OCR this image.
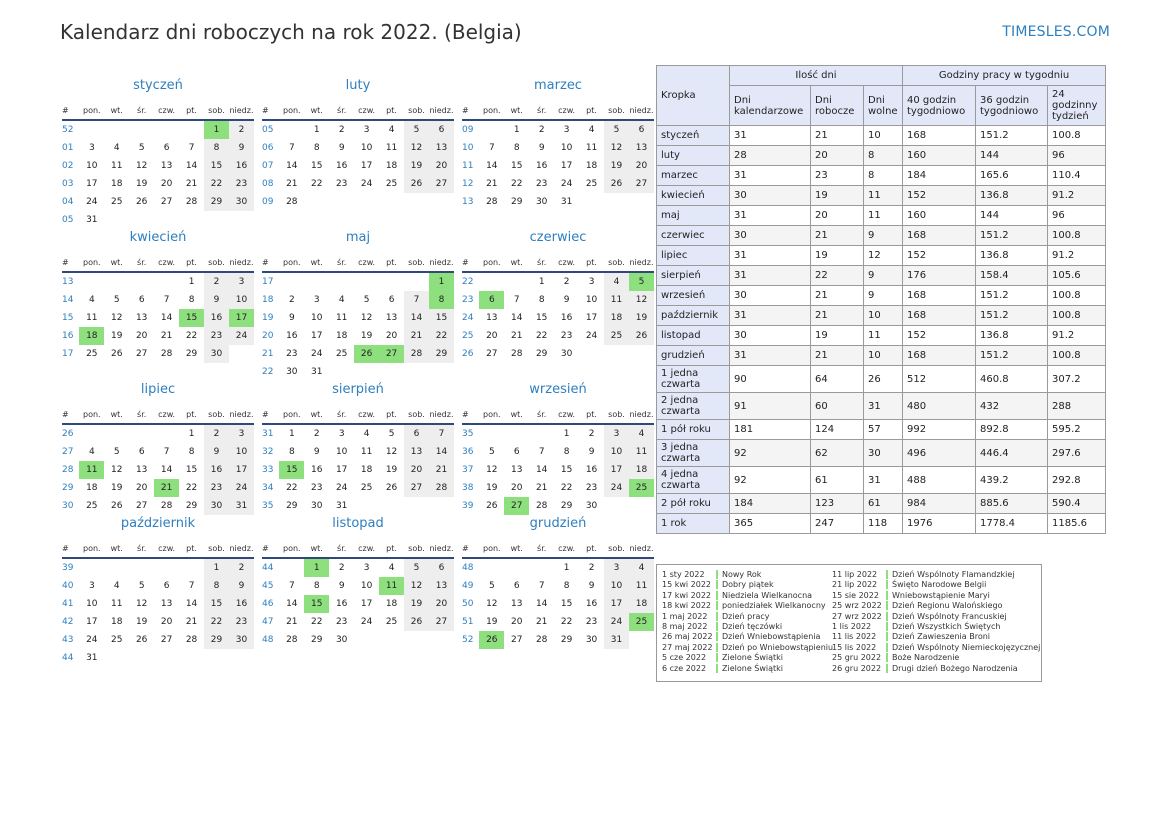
Kalendarz dni roboczych na rok 2022. (Belgia)	TIMESLES.COM
styczeń
#	pon.	wt.	śr.	czw.	pt.	sob.	niedz.
52						1	2
01	3	4	5	6	7	8	9
02	10	11	12	13	14	15	16
03	17	18	19	20	21	22	23
04	24	25	26	27	28	29	30
05	31						
luty
#	pon.	wt.	śr.	czw.	pt.	sob.	niedz.
05		1	2	3	4	5	6
06	7	8	9	10	11	12	13
07	14	15	16	17	18	19	20
08	21	22	23	24	25	26	27
09	28						
marzec
#	pon.	wt.	śr.	czw.	pt.	sob.	niedz.
09		1	2	3	4	5	6
10	7	8	9	10	11	12	13
11	14	15	16	17	18	19	20
12	21	22	23	24	25	26	27
13	28	29	30	31			
kwiecień
#	pon.	wt.	śr.	czw.	pt.	sob.	niedz.
13					1	2	3
14	4	5	6	7	8	9	10
15	11	12	13	14	15	16	17
16	18	19	20	21	22	23	24
17	25	26	27	28	29	30	
maj
#	pon.	wt.	śr.	czw.	pt.	sob.	niedz.
17							1
18	2	3	4	5	6	7	8
19	9	10	11	12	13	14	15
20	16	17	18	19	20	21	22
21	23	24	25	26	27	28	29
22	30	31					
czerwiec
#	pon.	wt.	śr.	czw.	pt.	sob.	niedz.
22			1	2	3	4	5
23	6	7	8	9	10	11	12
24	13	14	15	16	17	18	19
25	20	21	22	23	24	25	26
26	27	28	29	30			
lipiec
#	pon.	wt.	śr.	czw.	pt.	sob.	niedz.
26					1	2	3
27	4	5	6	7	8	9	10
28	11	12	13	14	15	16	17
29	18	19	20	21	22	23	24
30	25	26	27	28	29	30	31
sierpień
#	pon.	wt.	śr.	czw.	pt.	sob.	niedz.
31	1	2	3	4	5	6	7
32	8	9	10	11	12	13	14
33	15	16	17	18	19	20	21
34	22	23	24	25	26	27	28
35	29	30	31				
wrzesień
#	pon.	wt.	śr.	czw.	pt.	sob.	niedz.
35				1	2	3	4
36	5	6	7	8	9	10	11
37	12	13	14	15	16	17	18
38	19	20	21	22	23	24	25
39	26	27	28	29	30		
październik
#	pon.	wt.	śr.	czw.	pt.	sob.	niedz.
39						1	2
40	3	4	5	6	7	8	9
41	10	11	12	13	14	15	16
42	17	18	19	20	21	22	23
43	24	25	26	27	28	29	30
44	31						
listopad
#	pon.	wt.	śr.	czw.	pt.	sob.	niedz.
44		1	2	3	4	5	6
45	7	8	9	10	11	12	13
46	14	15	16	17	18	19	20
47	21	22	23	24	25	26	27
48	28	29	30				
grudzień
#	pon.	wt.	śr.	czw.	pt.	sob.	niedz.
48				1	2	3	4
49	5	6	7	8	9	10	11
50	12	13	14	15	16	17	18
51	19	20	21	22	23	24	25
52	26	27	28	29	30	31	
Kropka	Ilość dni			Godziny pracy w tygodniu		
	Dni kalendarzowe	Dni robocze	Dni wolne	40 godzin tygodniowo	36 godzin tygodniowo	24 godzinny tydzień
styczeń	31	21	10	168	151.2	100.8
luty	28	20	8	160	144	96
marzec	31	23	8	184	165.6	110.4
kwiecień	30	19	11	152	136.8	91.2
maj	31	20	11	160	144	96
czerwiec	30	21	9	168	151.2	100.8
lipiec	31	19	12	152	136.8	91.2
sierpień	31	22	9	176	158.4	105.6
wrzesień	30	21	9	168	151.2	100.8
październik	31	21	10	168	151.2	100.8
listopad	30	19	11	152	136.8	91.2
grudzień	31	21	10	168	151.2	100.8
1 jedna czwarta	90	64	26	512	460.8	307.2
2 jedna czwarta	91	60	31	480	432	288
1 pół roku	181	124	57	992	892.8	595.2
3 jedna czwarta	92	62	30	496	446.4	297.6
4 jedna czwarta	92	61	31	488	439.2	292.8
2 pół roku	184	123	61	984	885.6	590.4
1 rok	365	247	118	1976	1778.4	1185.6
1 sty 2022 Nowy Rok
15 kwi 2022 Dobry piątek
17 kwi 2022 Niedziela Wielkanocna
18 kwi 2022 poniedziałek Wielkanocny
1 maj 2022 Dzień pracy
8 maj 2022 Dzień tęczówki
26 maj 2022 Dzień Wniebowstąpienia
27 maj 2022 Dzień po Wniebowstąpieniu
5 cze 2022 Zielone Świątki
6 cze 2022 Zielone Świątki
11 lip 2022 Dzień Wspólnoty Flamandzkiej
21 lip 2022 Święto Narodowe Belgii
15 sie 2022 Wniebowstąpienie Maryi
25 wrz 2022 Dzień Regionu Walońskiego
27 wrz 2022 Dzień Wspólnoty Francuskiej
1 lis 2022	Dzień Wszystkich Świętych
11 lis 2022 Dzień Zawieszenia Broni
15 lis 2022 Dzień Wspólnoty Niemieckojęzycznej
25 gru 2022 Boże Narodzenie
26 gru 2022 Drugi dzień Bożego Narodzenia
